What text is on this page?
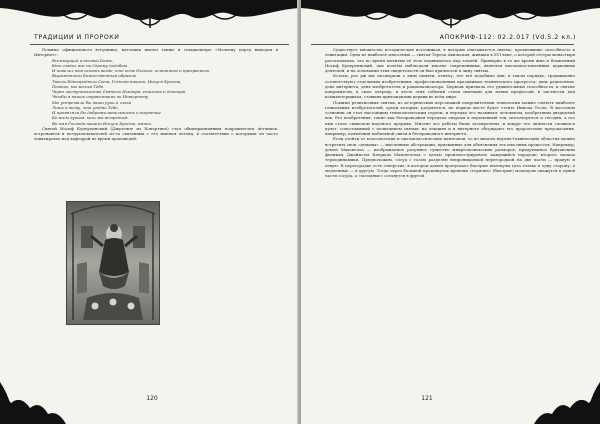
ТРАДИЦИИ И ПРОРОКИ

Помимо официального вступника, католики имеют также и специальную «Молитву перед выходом в Интернет»:

Всемогущий и вечный Боже,
Кто создал нас по Своему подобию
И повелел нам искать везде, что есть благого, истинного и прекрасного,
Выраженного Божественным образом
Твоего Единородного Сына, Господа нашего, Иисуса Христа,
Помоги, мы молим Тебя
Через заступничество Святого Исидора, епископа и доктора,
Чтобы в наших странствиях по Интернету
Мы устремили бы наши руки и глаза
Лишь к тому, что угодно Тебе,
И проявляли бы доброжелательность и терпение
Ко всем душам, кого мы встретим.
Во имя Господа нашего Иисуса Христа, аминь.

Святой Иосиф Купертинский (Джузеппе из Копертино) стал общепризнанным покровителем лётчиков, астронавтов и воздухоплавателей из-за связанных с его именем легенд, в соответствии с которыми он часто левитировал над кафедрой во время проповедей:

120
АПОКРИФ-112: 02.2.017 (Vd.5.2 кл.)

Существует множество исторических источников, в которых описываются святые, проявлявшие способность к левитации. Одна из наиболее известных — святая Тереза Авильская, жившая в XVI веке, о которой сёстры монастыря рассказывали, что во время молитвы её тело поднималось над землёй. Примерно в то же время жил и блаженный Иосиф Купертинский, чьи полёты наблюдали многие современники, включая высокопоставленных церковных деятелей, и на основании этих свидетельств он был причислен к лику святых.

Кстати, раз уж мы заговорили о днях памяти, отмечу, что всё подобные дни, в таком порядке, традиционно соответствуют отдельным изобретениям, профессиональным праздникам технического прогресса: день радиосвязи, день интернета, день изобретателя и рационализатора. Церковь признала его удивительные способности, и святые покровители, в свою очередь, в честь этих событий стали именами для новых профессий, в частности для компьютерщиков, ставших прихожанами церкви во всём мире.

Помимо религиозных святых, из исторических персонажей покровителями технологии можно считать наиболее гениальных изобретателей, среди которых, разумеется, на первом месте будет стоять Никола Тесла. В массовом сознании он стал настоящим технологическим героем, и нередко его называют человеком, изобретшим двадцатый век. Его изобретения, такие как беспроводная передача энергии и переменный ток, используются и сегодня, а его имя стало символом научного прорыва. Многие его работы были засекречены, и вокруг его личности сложился культ, сопоставимый с почитанием святых: на лекциях и в интернете обсуждают его пророческие предсказания, например, появления мобильной связи и беспроводного интернета.

Если отойти от классических и околоклассических пантеонов, то во многих научно-технических областях можно встретить свои «демоны» — мысленные абстракции, призванные для объяснения тех или иных процессов. Например, демон Максвелла — воображаемое разумное существо микроскопических размеров, придуманное британским физиком Джеймсом Клерком Максвеллом с целью проиллюстрировать кажущийся парадокс второго начала термодинамики. Предположим, сосуд с газом разделён непроницаемой перегородкой на две части — правую и левую. В перегородке есть отверстие, в котором демон пропускает быстрые молекулы газа только в одну сторону, а медленные — в другую. Тогда через большой промежуток времени «горячие» (быстрые) молекулы окажутся в одной части сосуда, а «холодные» останутся в другой.

121
